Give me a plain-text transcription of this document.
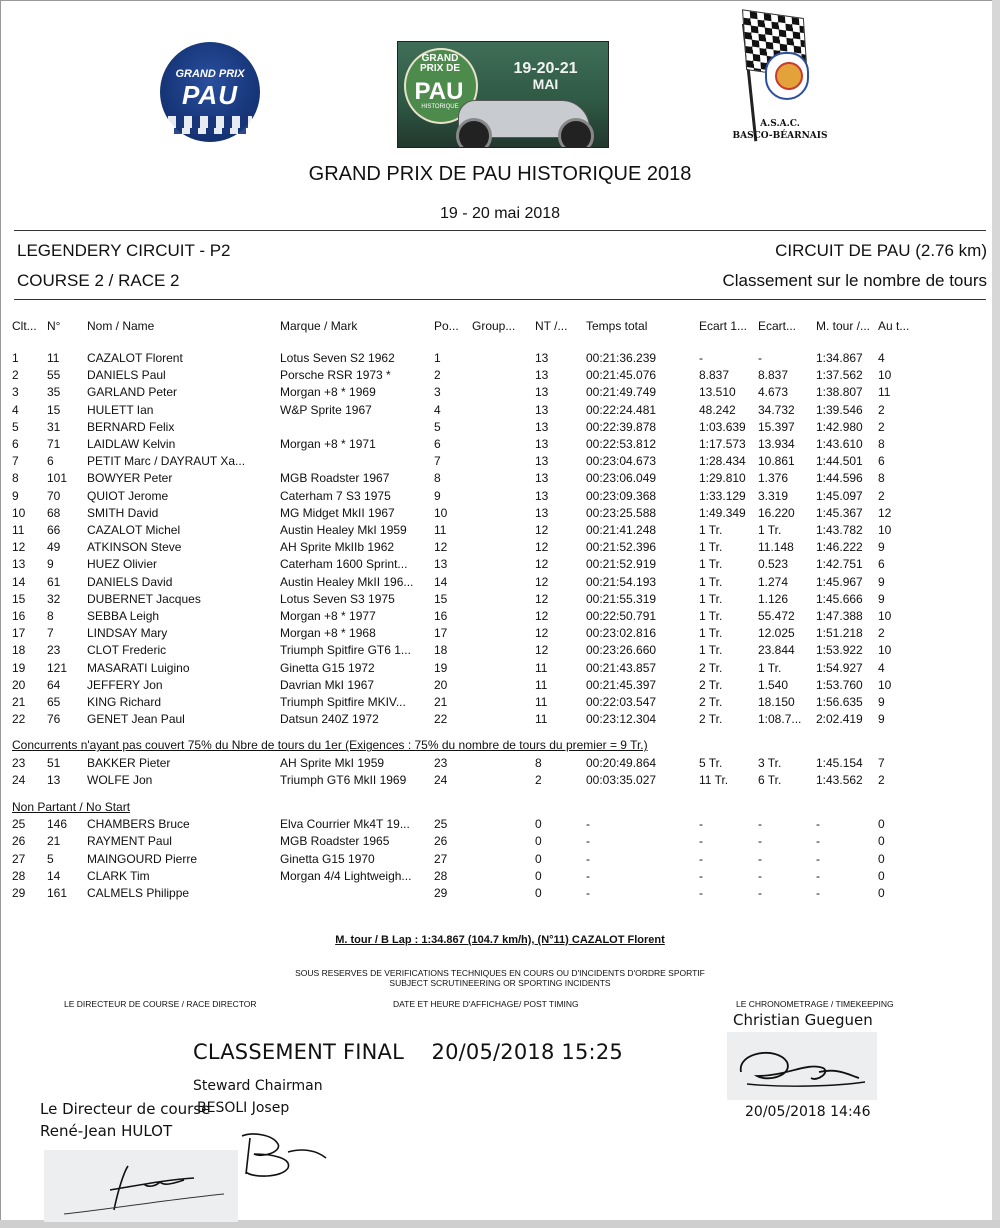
GRAND PRIX
PAU
GRAND PRIX DE
PAU
HISTORIQUE
19-20-21
MAI
A.S.A.C.
BASCO-BÉARNAIS
GRAND PRIX DE PAU HISTORIQUE 2018
19 - 20 mai 2018
LEGENDERY CIRCUIT - P2	CIRCUIT DE PAU (2.76 km)
COURSE 2 / RACE 2	Classement sur le nombre de tours
Clt...	N°	Nom / Name	Marque / Mark	Po...	Group...	NT /...	Temps total	Ecart 1...	Ecart...	M. tour /...	Au t...

1	11	CAZALOT Florent	Lotus Seven S2 1962	1		13	00:21:36.239	-	-	1:34.867	4
2	55	DANIELS Paul	Porsche RSR 1973 *	2		13	00:21:45.076	8.837	8.837	1:37.562	10
3	35	GARLAND Peter	Morgan +8 * 1969	3		13	00:21:49.749	13.510	4.673	1:38.807	11
4	15	HULETT Ian	W&P Sprite 1967	4		13	00:22:24.481	48.242	34.732	1:39.546	2
5	31	BERNARD Felix		5		13	00:22:39.878	1:03.639	15.397	1:42.980	2
6	71	LAIDLAW Kelvin	Morgan +8 * 1971	6		13	00:22:53.812	1:17.573	13.934	1:43.610	8
7	6	PETIT Marc / DAYRAUT Xa...		7		13	00:23:04.673	1:28.434	10.861	1:44.501	6
8	101	BOWYER Peter	MGB Roadster 1967	8		13	00:23:06.049	1:29.810	1.376	1:44.596	8
9	70	QUIOT Jerome	Caterham 7 S3 1975	9		13	00:23:09.368	1:33.129	3.319	1:45.097	2
10	68	SMITH David	MG Midget MkII 1967	10		13	00:23:25.588	1:49.349	16.220	1:45.367	12
11	66	CAZALOT Michel	Austin Healey MkI 1959	11		12	00:21:41.248	1 Tr.	1 Tr.	1:43.782	10
12	49	ATKINSON Steve	AH Sprite MkIIb 1962	12		12	00:21:52.396	1 Tr.	11.148	1:46.222	9
13	9	HUEZ Olivier	Caterham 1600 Sprint...	13		12	00:21:52.919	1 Tr.	0.523	1:42.751	6
14	61	DANIELS David	Austin Healey MkII 196...	14		12	00:21:54.193	1 Tr.	1.274	1:45.967	9
15	32	DUBERNET Jacques	Lotus Seven S3 1975	15		12	00:21:55.319	1 Tr.	1.126	1:45.666	9
16	8	SEBBA Leigh	Morgan +8 * 1977	16		12	00:22:50.791	1 Tr.	55.472	1:47.388	10
17	7	LINDSAY Mary	Morgan +8 * 1968	17		12	00:23:02.816	1 Tr.	12.025	1:51.218	2
18	23	CLOT Frederic	Triumph Spitfire GT6 1...	18		12	00:23:26.660	1 Tr.	23.844	1:53.922	10
19	121	MASARATI Luigino	Ginetta G15 1972	19		11	00:21:43.857	2 Tr.	1 Tr.	1:54.927	4
20	64	JEFFERY Jon	Davrian MkI 1967	20		11	00:21:45.397	2 Tr.	1.540	1:53.760	10
21	65	KING Richard	Triumph Spitfire MKIV...	21		11	00:22:03.547	2 Tr.	18.150	1:56.635	9
22	76	GENET Jean Paul	Datsun 240Z 1972	22		11	00:23:12.304	2 Tr.	1:08.7...	2:02.419	9

Concurrents n'ayant pas couvert 75% du Nbre de tours du 1er (Exigences : 75% du nombre de tours du premier = 9 Tr.)											
23	51	BAKKER Pieter	AH Sprite MkI 1959	23		8	00:20:49.864	5 Tr.	3 Tr.	1:45.154	7
24	13	WOLFE Jon	Triumph GT6 MkII 1969	24		2	00:03:35.027	11 Tr.	6 Tr.	1:43.562	2

Non Partant / No Start											
25	146	CHAMBERS Bruce	Elva Courrier Mk4T 19...	25		0	-	-	-	-	0
26	21	RAYMENT Paul	MGB Roadster 1965	26		0	-	-	-	-	0
27	5	MAINGOURD Pierre	Ginetta G15 1970	27		0	-	-	-	-	0
28	14	CLARK Tim	Morgan 4/4 Lightweigh...	28		0	-	-	-	-	0
29	161	CALMELS Philippe		29		0	-	-	-	-	0
M. tour / B Lap : 1:34.867 (104.7 km/h), (N°11) CAZALOT Florent
SOUS RESERVES DE VERIFICATIONS TECHNIQUES EN COURS OU D'INCIDENTS D'ORDRE SPORTIF
SUBJECT SCRUTINEERING OR SPORTING INCIDENTS
LE DIRECTEUR DE COURSE / RACE DIRECTOR	DATE ET HEURE D'AFFICHAGE/ POST TIMING	LE CHRONOMETRAGE / TIMEKEEPING
Christian Gueguen
CLASSEMENT FINAL 20/05/2018 15:25
20/05/2018 14:46
Steward Chairman
BESOLI Josep
Le Directeur de course
René-Jean HULOT
